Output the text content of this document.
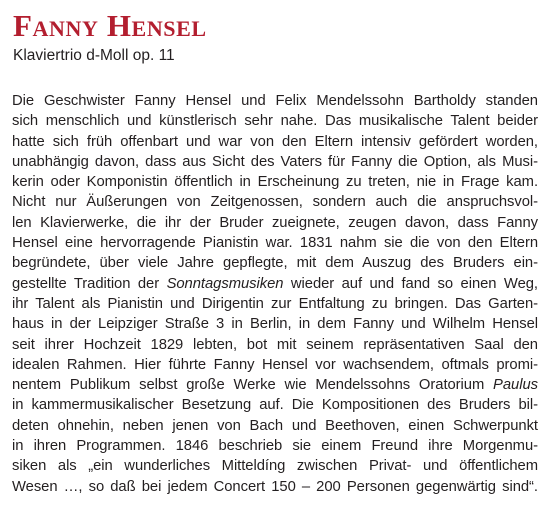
Fanny Hensel
Klaviertrio d-Moll op. 11
Die Geschwister Fanny Hensel und Felix Mendelssohn Bartholdy standen
sich menschlich und künstlerisch sehr nahe. Das musikalische Talent beider
hatte sich früh offenbart und war von den Eltern intensiv gefördert worden,
unabhängig davon, dass aus Sicht des Vaters für Fanny die Option, als Musi-
kerin oder Komponistin öffentlich in Erscheinung zu treten, nie in Frage kam.
Nicht nur Äußerungen von Zeitgenossen, sondern auch die anspruchsvol-
len Klavierwerke, die ihr der Bruder zueignete, zeugen davon, dass Fanny
Hensel eine hervorragende Pianistin war. 1831 nahm sie die von den Eltern
begründete, über viele Jahre gepflegte, mit dem Auszug des Bruders ein-
gestellte Tradition der Sonntagsmusiken wieder auf und fand so einen Weg,
ihr Talent als Pianistin und Dirigentin zur Entfaltung zu bringen. Das Garten-
haus in der Leipziger Straße 3 in Berlin, in dem Fanny und Wilhelm Hensel
seit ihrer Hochzeit 1829 lebten, bot mit seinem repräsentativen Saal den
idealen Rahmen. Hier führte Fanny Hensel vor wachsendem, oftmals promi-
nentem Publikum selbst große Werke wie Mendelssohns Oratorium Paulus
in kammermusikalischer Besetzung auf. Die Kompositionen des Bruders bil-
deten ohnehin, neben jenen von Bach und Beethoven, einen Schwerpunkt
in ihren Programmen. 1846 beschrieb sie einem Freund ihre Morgenmu-
siken als „ein wunderliches Mitteldíng zwischen Privat- und öffentlichem
Wesen …, so daß bei jedem Concert 150 – 200 Personen gegenwärtig sind“.
